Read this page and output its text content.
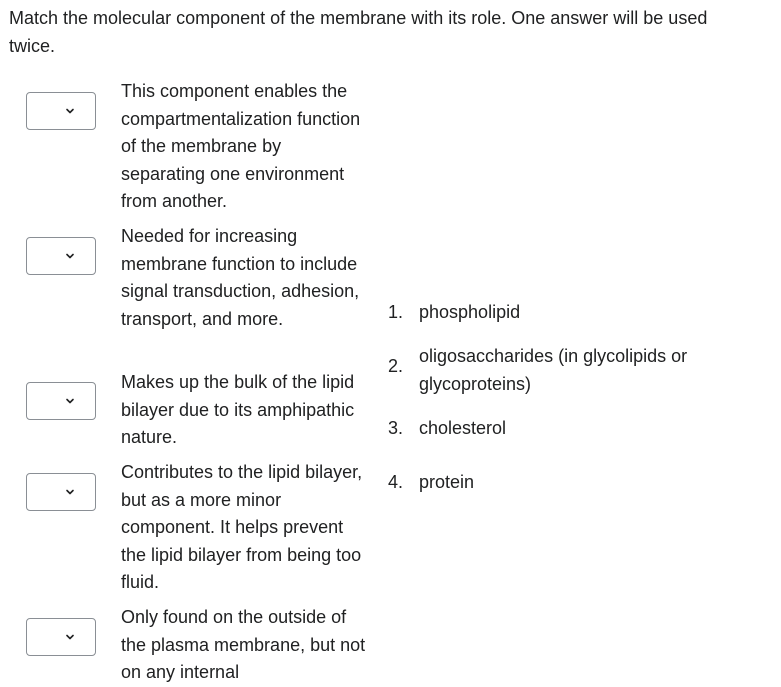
Match the molecular component of the membrane with its role. One answer will be used twice.

This component enables the compartmentalization function of the membrane by separating one environment from another.

Needed for increasing membrane function to include signal transduction, adhesion, transport, and more.

Makes up the bulk of the lipid bilayer due to its amphipathic nature.

Contributes to the lipid bilayer, but as a more minor component. It helps prevent the lipid bilayer from being too fluid.

Only found on the outside of the plasma membrane, but not on any internal

1. phospholipid
2. oligosaccharides (in glycolipids or
glycoproteins)
3. cholesterol
4. protein
